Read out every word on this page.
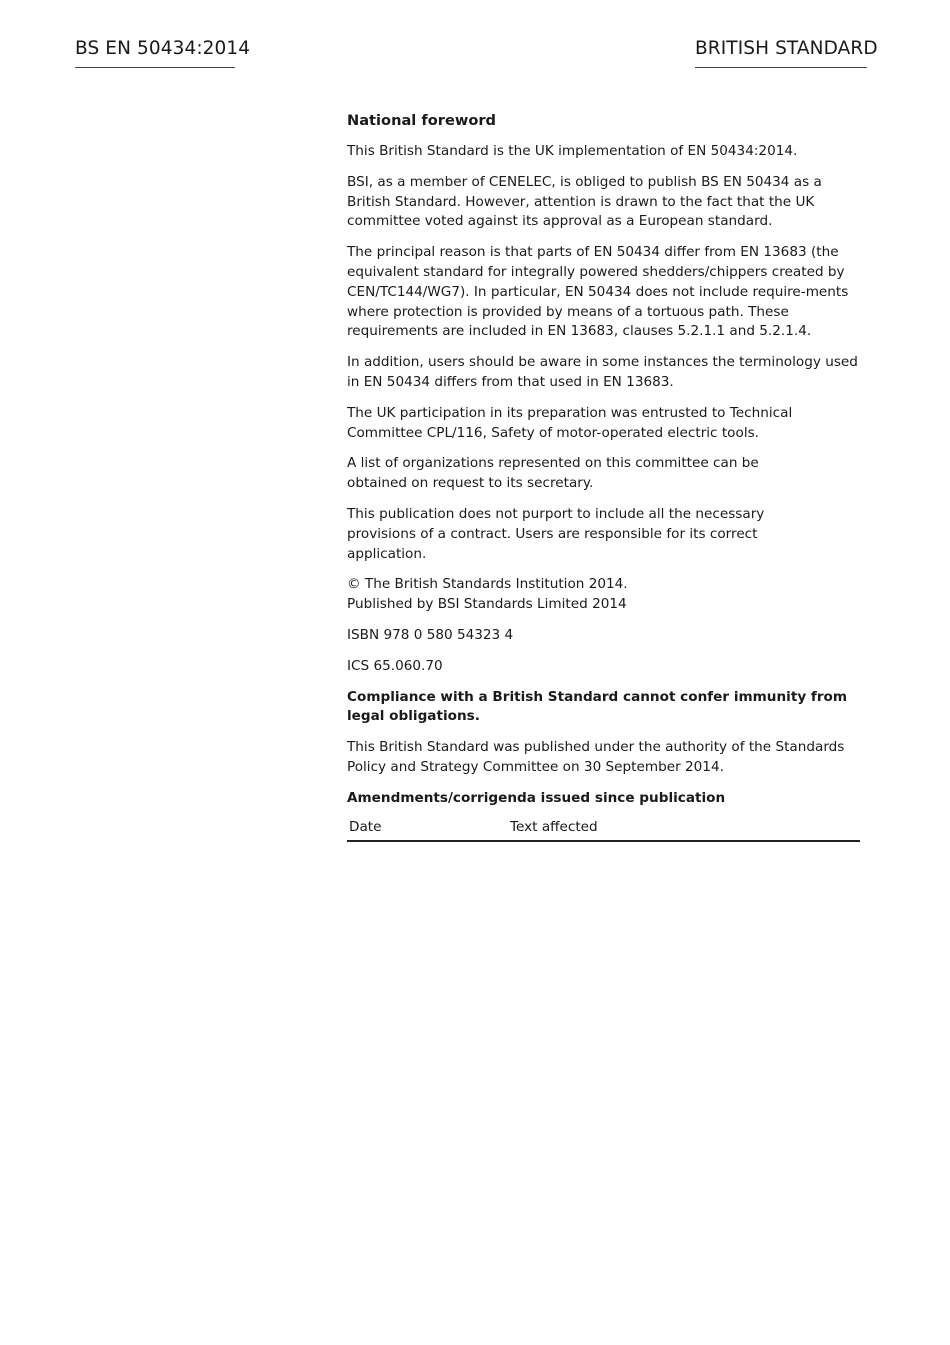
BS EN 50434:2014	BRITISH STANDARD
National foreword

This British Standard is the UK implementation of EN 50434:2014.

BSI, as a member of CENELEC, is obliged to publish BS EN 50434 as a British Standard. However, attention is drawn to the fact that the UK committee voted against its approval as a European standard.

The principal reason is that parts of EN 50434 differ from EN 13683 (the equivalent standard for integrally powered shedders/chippers created by CEN/TC144/WG7). In particular, EN 50434 does not include require-ments where protection is provided by means of a tortuous path. These requirements are included in EN 13683, clauses 5.2.1.1 and 5.2.1.4.

In addition, users should be aware in some instances the terminology used in EN 50434 differs from that used in EN 13683.

The UK participation in its preparation was entrusted to Technical Committee CPL/116, Safety of motor-operated electric tools.

A list of organizations represented on this committee can be obtained on request to its secretary.

This publication does not purport to include all the necessary provisions of a contract. Users are responsible for its correct application.

© The British Standards Institution 2014.
Published by BSI Standards Limited 2014

ISBN 978 0 580 54323 4

ICS 65.060.70

Compliance with a British Standard cannot confer immunity from legal obligations.

This British Standard was published under the authority of the Standards Policy and Strategy Committee on 30 September 2014.

Amendments/corrigenda issued since publication

Date	Text affected
